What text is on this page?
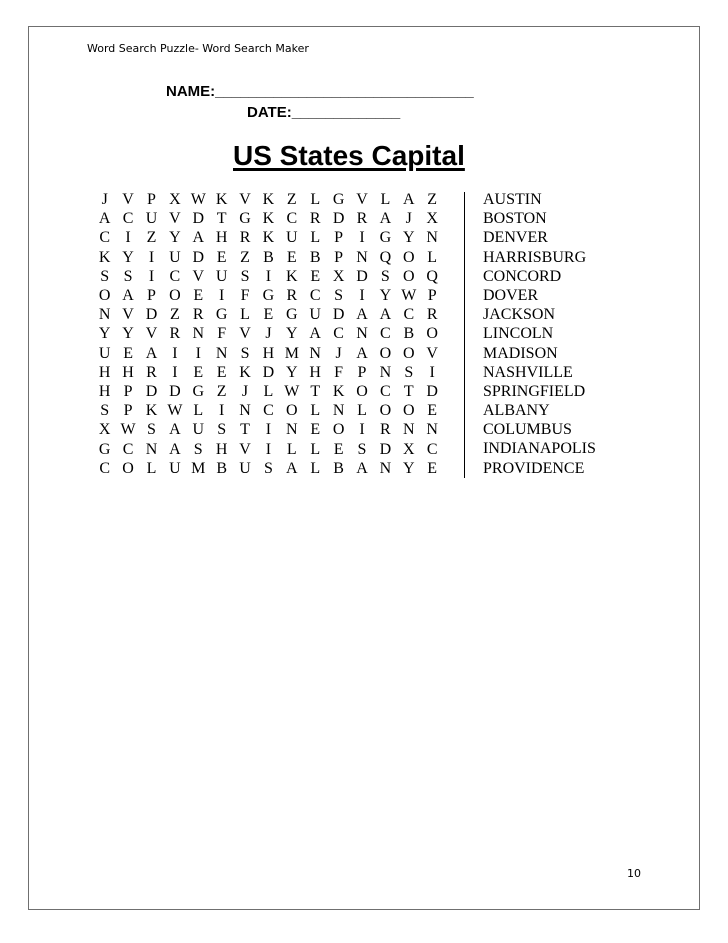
Word Search Puzzle- Word Search Maker
NAME:_______________________________
DATE:_____________
US States Capital
J V P X W K V K Z L G V L A Z
A C U V D T G K C R D R A J X
C I Z Y A H R K U L P	I G Y N
K Y I U D E Z B E B P N Q O L
S S	I C V U S	I K E X D S O Q
O A P O E I	F G R C S	I Y W P
N V D Z R G L E G U D A A C R
Y Y V R N F V J Y A C N C B O
U E A I	I N S H M N J A O O V
H H R I E E K D Y H F P N S	I
H P D D G Z J L W T K O C T D
S P K W L I N C O L N L O O E
X W S A U S T I N E O I R N N
G C N A S H V I L L E S D X C
C O L U M B U S A L B A N Y E
AUSTIN
BOSTON
DENVER
HARRISBURG
CONCORD
DOVER
JACKSON
LINCOLN
MADISON
NASHVILLE
SPRINGFIELD
ALBANY
COLUMBUS
INDIANAPOLIS
PROVIDENCE
10
